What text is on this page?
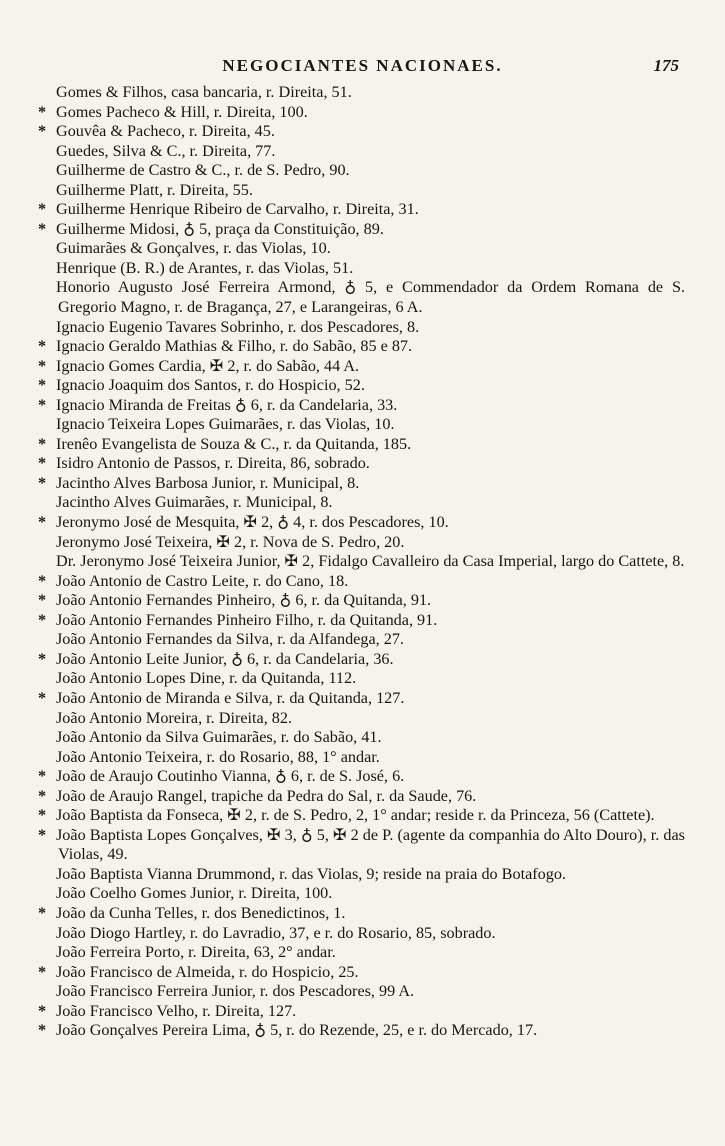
NEGOCIANTES NACIONAES.	175
Gomes & Filhos, casa bancaria, r. Direita, 51.
* Gomes Pacheco & Hill, r. Direita, 100.
* Gouvêa & Pacheco, r. Direita, 45.
Guedes, Silva & C., r. Direita, 77.
Guilherme de Castro & C., r. de S. Pedro, 90.
Guilherme Platt, r. Direita, 55.
* Guilherme Henrique Ribeiro de Carvalho, r. Direita, 31.
* Guilherme Midosi, ♁ 5, praça da Constituição, 89.
Guimarães & Gonçalves, r. das Violas, 10.
Henrique (B. R.) de Arantes, r. das Violas, 51.
Honorio Augusto José Ferreira Armond, ♁ 5, e Commendador da Ordem Romana de S. Gregorio Magno, r. de Bragança, 27, e Larangeiras, 6 A.
Ignacio Eugenio Tavares Sobrinho, r. dos Pescadores, 8.
* Ignacio Geraldo Mathias & Filho, r. do Sabão, 85 e 87.
* Ignacio Gomes Cardia, ✠ 2, r. do Sabão, 44 A.
* Ignacio Joaquim dos Santos, r. do Hospicio, 52.
* Ignacio Miranda de Freitas ♁ 6, r. da Candelaria, 33.
Ignacio Teixeira Lopes Guimarães, r. das Violas, 10.
* Irenêo Evangelista de Souza & C., r. da Quitanda, 185.
* Isidro Antonio de Passos, r. Direita, 86, sobrado.
* Jacintho Alves Barbosa Junior, r. Municipal, 8.
Jacintho Alves Guimarães, r. Municipal, 8.
* Jeronymo José de Mesquita, ✠ 2, ♁ 4, r. dos Pescadores, 10.
Jeronymo José Teixeira, ✠ 2, r. Nova de S. Pedro, 20.
Dr. Jeronymo José Teixeira Junior, ✠ 2, Fidalgo Cavalleiro da Casa Imperial, largo do Cattete, 8.
* João Antonio de Castro Leite, r. do Cano, 18.
* João Antonio Fernandes Pinheiro, ♁ 6, r. da Quitanda, 91.
* João Antonio Fernandes Pinheiro Filho, r. da Quitanda, 91.
João Antonio Fernandes da Silva, r. da Alfandega, 27.
* João Antonio Leite Junior, ♁ 6, r. da Candelaria, 36.
João Antonio Lopes Dine, r. da Quitanda, 112.
* João Antonio de Miranda e Silva, r. da Quitanda, 127.
João Antonio Moreira, r. Direita, 82.
João Antonio da Silva Guimarães, r. do Sabão, 41.
João Antonio Teixeira, r. do Rosario, 88, 1° andar.
* João de Araujo Coutinho Vianna, ♁ 6, r. de S. José, 6.
* João de Araujo Rangel, trapiche da Pedra do Sal, r. da Saude, 76.
* João Baptista da Fonseca, ✠ 2, r. de S. Pedro, 2, 1° andar; reside r. da Princeza, 56 (Cattete).
* João Baptista Lopes Gonçalves, ✠ 3, ♁ 5, ✠ 2 de P. (agente da companhia do Alto Douro), r. das Violas, 49.
João Baptista Vianna Drummond, r. das Violas, 9; reside na praia do Botafogo.
João Coelho Gomes Junior, r. Direita, 100.
* João da Cunha Telles, r. dos Benedictinos, 1.
João Diogo Hartley, r. do Lavradio, 37, e r. do Rosario, 85, sobrado.
João Ferreira Porto, r. Direita, 63, 2° andar.
* João Francisco de Almeida, r. do Hospicio, 25.
João Francisco Ferreira Junior, r. dos Pescadores, 99 A.
* João Francisco Velho, r. Direita, 127.
* João Gonçalves Pereira Lima, ♁ 5, r. do Rezende, 25, e r. do Mercado, 17.
